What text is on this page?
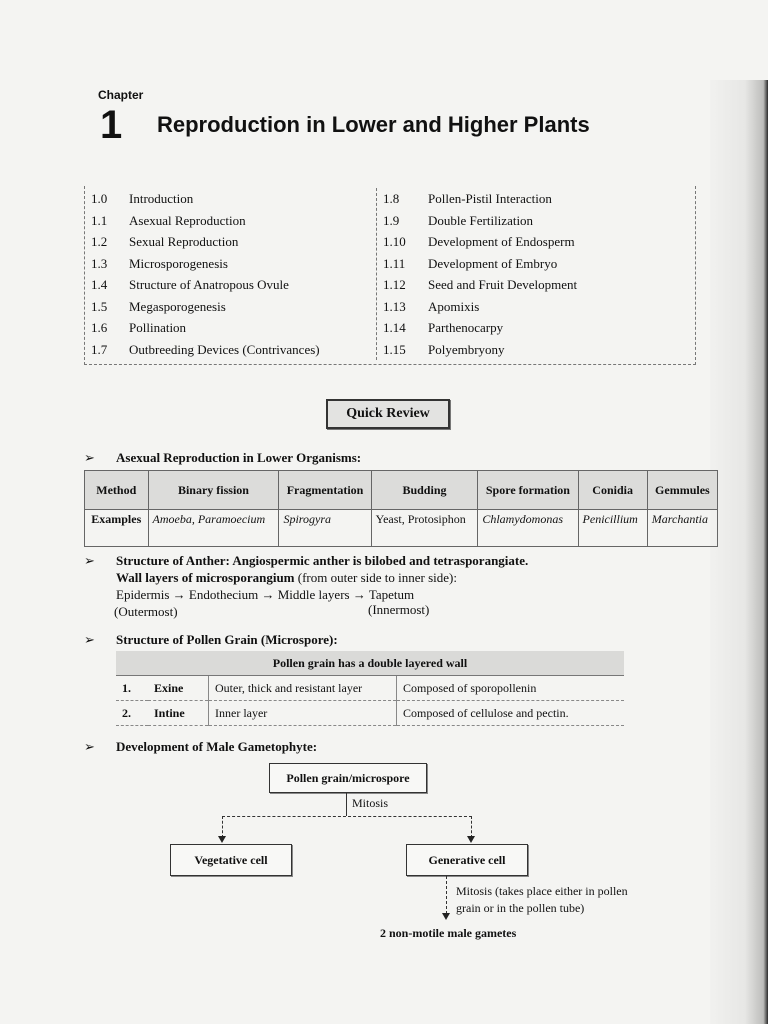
Chapter
1 Reproduction in Lower and Higher Plants
1.0 Introduction
1.1 Asexual Reproduction
1.2 Sexual Reproduction
1.3 Microsporogenesis
1.4 Structure of Anatropous Ovule
1.5 Megasporogenesis
1.6 Pollination
1.7 Outbreeding Devices (Contrivances)
1.8 Pollen-Pistil Interaction
1.9 Double Fertilization
1.10 Development of Endosperm
1.11 Development of Embryo
1.12 Seed and Fruit Development
1.13 Apomixis
1.14 Parthenocarpy
1.15 Polyembryony
Quick Review
➢ Asexual Reproduction in Lower Organisms:
Method	Binary fission	Fragmentation	Budding	Spore formation	Conidia	Gemmules
Examples	Amoeba, Paramoecium	Spirogyra	Yeast, Protosiphon	Chlamydomonas	Penicillium	Marchantia
➢ Structure of Anther: Angiospermic anther is bilobed and tetrasporangiate.
Wall layers of microsporangium (from outer side to inner side):
Epidermis → Endothecium → Middle layers → Tapetum
(Outermost)	(Innermost)
➢ Structure of Pollen Grain (Microspore):
Pollen grain has a double layered wall			
1.	Exine	Outer, thick and resistant layer	Composed of sporopollenin
2.	Intine	Inner layer	Composed of cellulose and pectin.
➢ Development of Male Gametophyte:
Pollen grain/microspore
Mitosis
Vegetative cell	Generative cell
Mitosis (takes place either in pollen
grain or in the pollen tube)
2 non-motile male gametes
